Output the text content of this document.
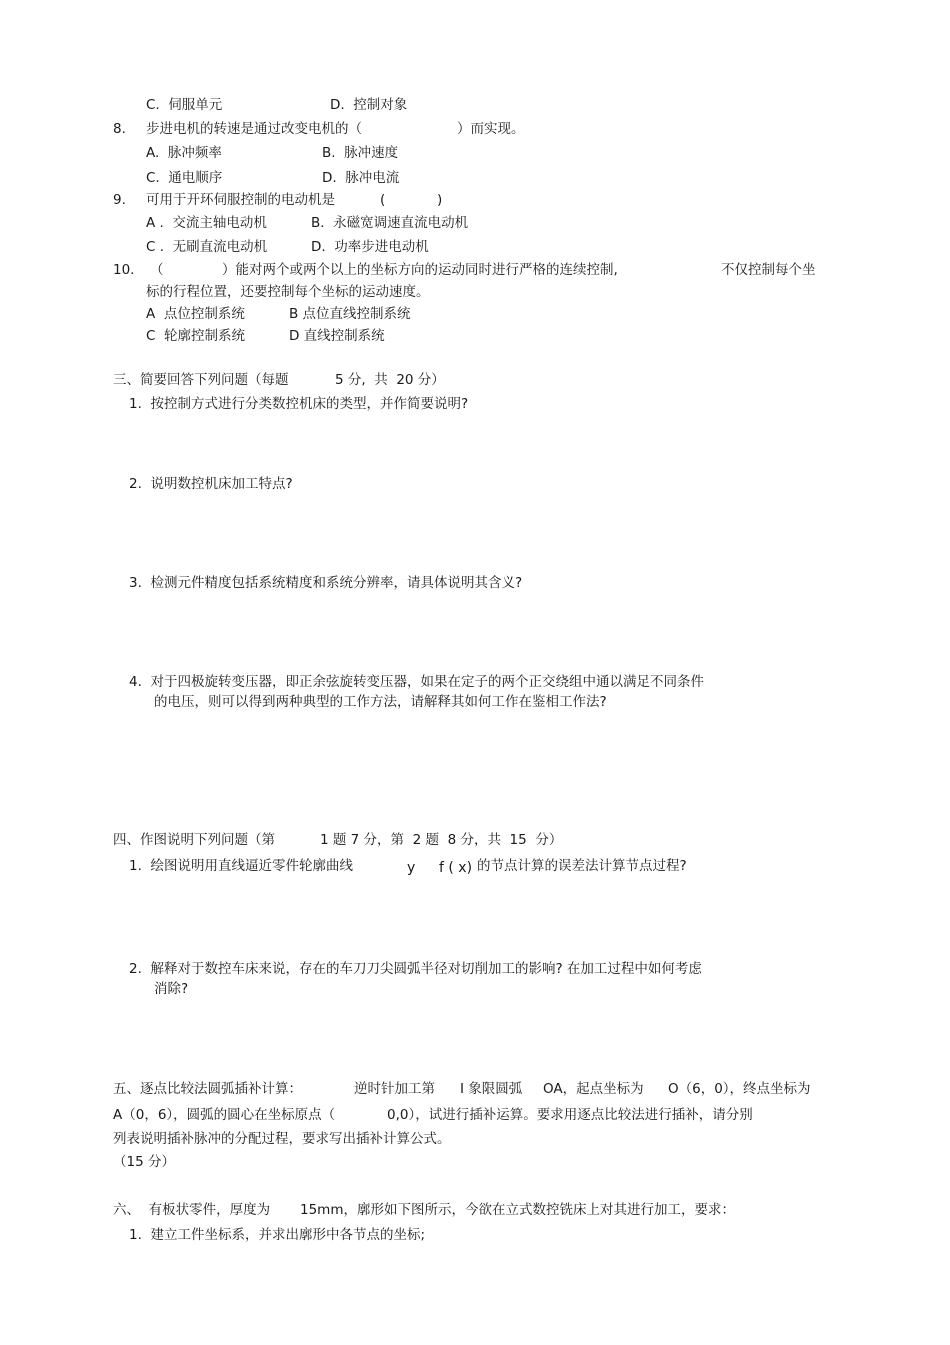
C.  伺服单元	D.  控制对象
8. 步进电机的转速是通过改变电机的（	）而实现。
A.  脉冲频率	B.  脉冲速度
C.  通电顺序	D.  脉冲电流
9. 可用于开环伺服控制的电动机是	(	)
A .  交流主轴电动机	B.  永磁宽调速直流电动机
C .  无刷直流电动机	D.  功率步进电动机
10. （	）能对两个或两个以上的坐标方向的运动同时进行严格的连续控制,	不仅控制每个坐
标的行程位置，还要控制每个坐标的运动速度。
A  点位控制系统	B 点位直线控制系统
C  轮廓控制系统	D 直线控制系统
三、简要回答下列问题（每题	5 分,  共  20 分）
1.  按控制方式进行分类数控机床的类型，并作简要说明?
2.  说明数控机床加工特点?
3.  检测元件精度包括系统精度和系统分辨率，请具体说明其含义?
4.  对于四极旋转变压器，即正余弦旋转变压器，如果在定子的两个正交绕组中通以满足不同条件
的电压，则可以得到两种典型的工作方法，请解释其如何工作在鉴相工作法?
四、作图说明下列问题（第	1 题 7 分，第  2 题  8 分，共  15  分）
1.  绘图说明用直线逼近零件轮廓曲线	y f ( x) 的节点计算的误差法计算节点过程?
2.  解释对于数控车床来说，存在的车刀刀尖圆弧半径对切削加工的影响? 在加工过程中如何考虑
消除?
五、逐点比较法圆弧插补计算：	逆时针加工第 Ⅰ 象限圆弧 OA，起点坐标为 O（6，0），终点坐标为
A（0，6），圆弧的圆心在坐标原点（	0,0），试进行插补运算。要求用逐点比较法进行插补，请分别
列表说明插补脉冲的分配过程，要求写出插补计算公式。
（15 分）
六、  有板状零件，厚度为 15mm，廓形如下图所示，今欲在立式数控铣床上对其进行加工，要求：
1.  建立工件坐标系，并求出廓形中各节点的坐标;
